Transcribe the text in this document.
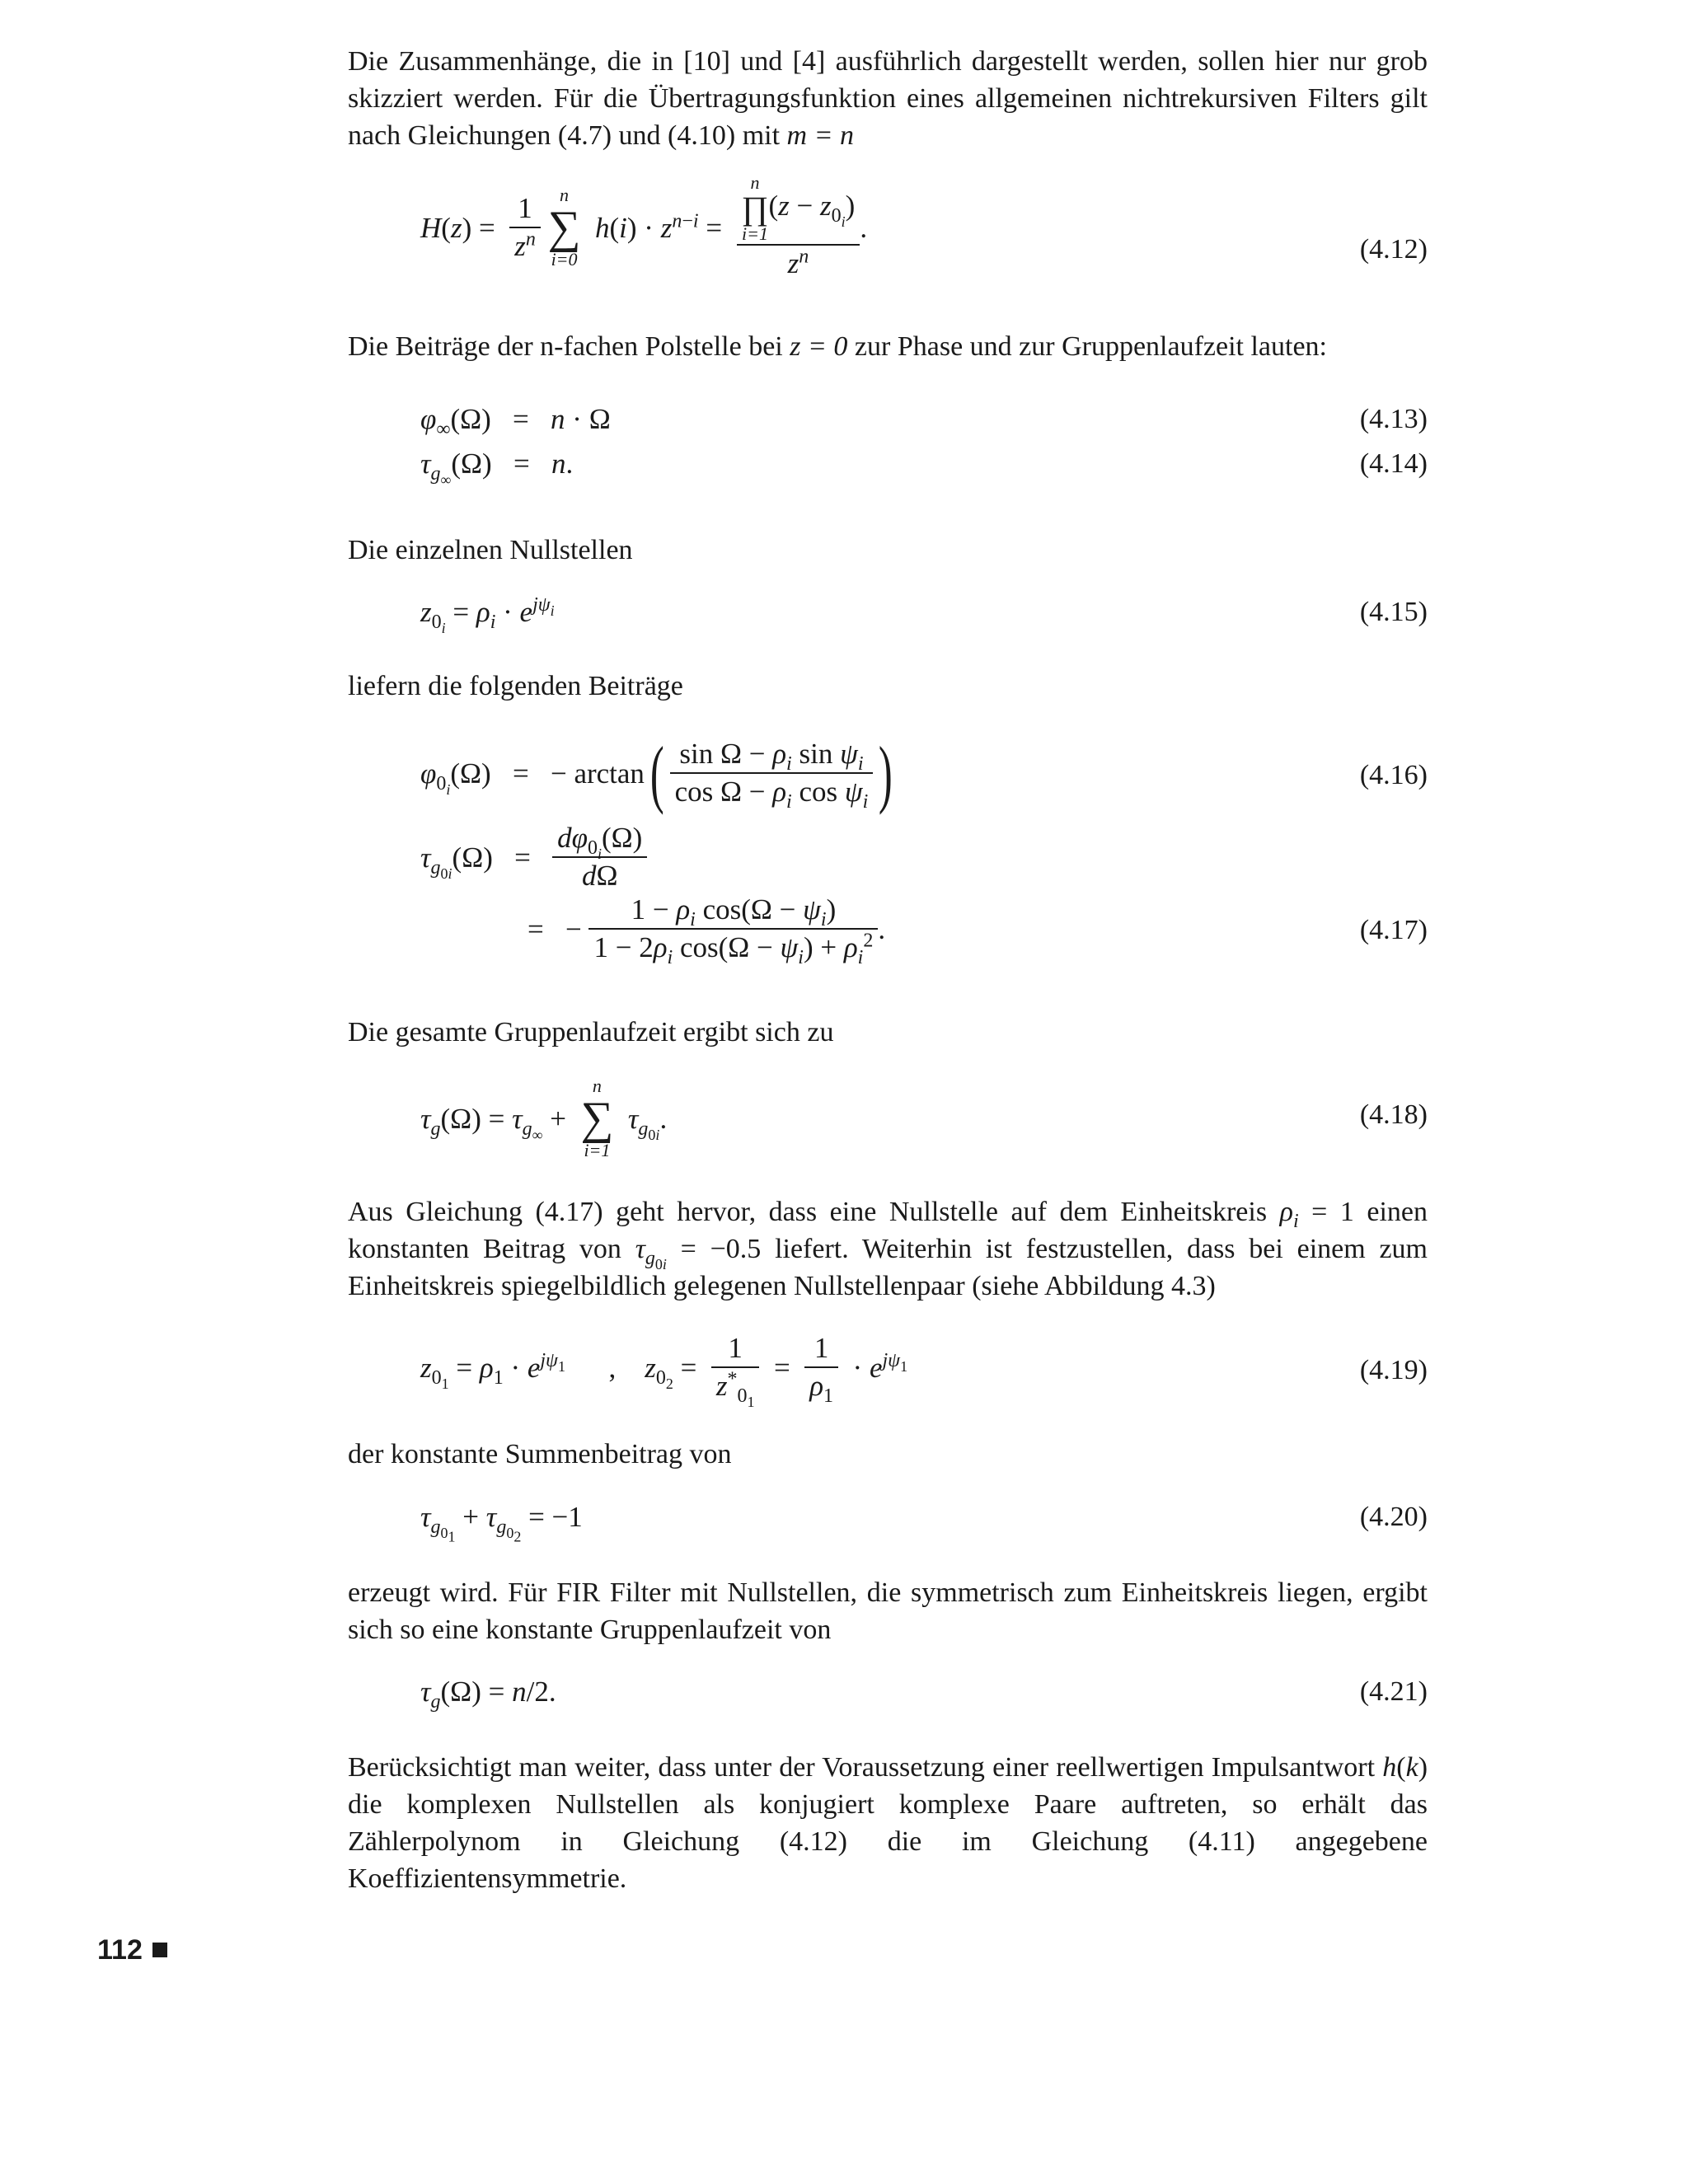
Die Zusammenhänge, die in [10] und [4] ausführlich dargestellt werden, sollen hier nur grob skizziert werden. Für die Übertragungsfunktion eines allgemeinen nichtrekursiven Filters gilt nach Gleichungen (4.7) und (4.10) mit m = n

$H(z) = \frac{1}{z^n}$
	n
∑
i=0
$h(i) \cdot z^{n-i} = n$
∏
i=1
$(z - z_{0_i})$
$z^n$ .
(4.12)

Die Beiträge der n-fachen Polstelle bei z = 0 zur Phase und zur Gruppenlaufzeit lauten:

$\varphi_\infty(\Omega) = n \cdot \Omega$	(4.13)
$\tau_{g_\infty}(\Omega) = n$.	(4.14)

Die einzelnen Nullstellen

$z_{0_i} = \rho_i \cdot e^{j\psi_i}$	(4.15)

liefern die folgenden Beiträge

$\varphi_{0_i}(\Omega)$   =   − $\arctan( \frac{\sin \Omega - \rho_i \sin \psi_i}{\cos \Omega - \rho_i \cos \psi_i}$ )	(4.16)
$\tau_{g_{0i}}(\Omega) = \frac{d\varphi_{0_i}(\Omega)}{d\Omega}$
=   − $\frac{1 - \rho_i \cos(\Omega - \psi_i)}{1 - 2\rho_i \cos(\Omega - \psi_i) + \rho_i^2}$ .	(4.17)

Die gesamte Gruppenlaufzeit ergibt sich zu

$\tau_g(\Omega) = \tau_{g_\infty}$ +
n
∑
i=1
$\tau_{g_{0i}}$.	(4.18)

Aus Gleichung (4.17) geht hervor, dass eine Nullstelle auf dem Einheitskreis $\rho_i = 1$ einen konstanten Beitrag von $\tau_{g_{0i}} = -0.5$ liefert. Weiterhin ist festzustellen, dass bei einem zum Einheitskreis spiegelbildlich gelegenen Nullstellenpaar (siehe Abbildung 4.3)

$z_{0_1} = \rho_1 \cdot e^{j\psi_1}$      ,    $z_{0_2} = \frac{1}{z^*_{0_1}} = \frac{1}{\rho_1} \cdot e^{j\psi_1}$	(4.19)

der konstante Summenbeitrag von

$\tau_{g_{0_1}} + \tau_{g_{0_2}} = -1$	(4.20)

erzeugt wird. Für FIR Filter mit Nullstellen, die symmetrisch zum Einheitskreis liegen, ergibt sich so eine konstante Gruppenlaufzeit von

$\tau_g(\Omega) = n/2$.	(4.21)

Berücksichtigt man weiter, dass unter der Voraussetzung einer reellwertigen Impulsantwort h(k) die komplexen Nullstellen als konjugiert komplexe Paare auftreten, so erhält das Zählerpolynom in Gleichung (4.12) die im Gleichung (4.11) angegebene Koeffizientensymmetrie.

112
